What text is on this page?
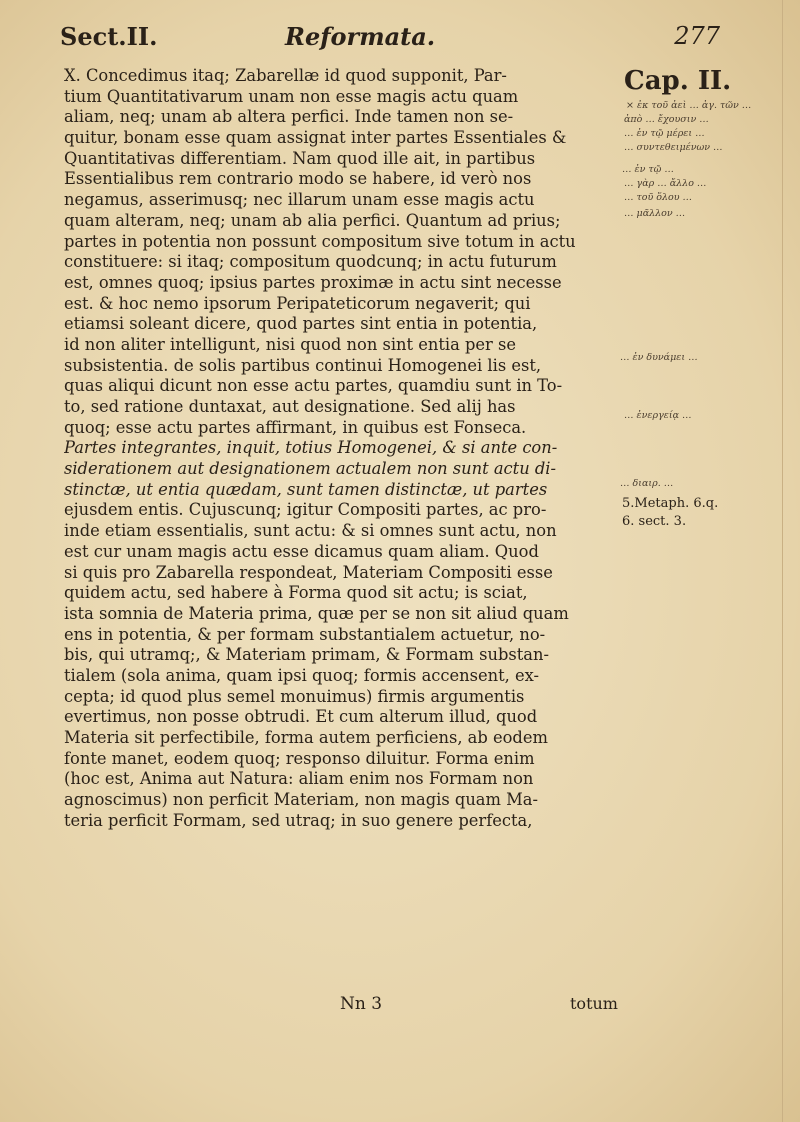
Sect.II.	Reformata.	277
X. Concedimus itaq; Zabarellæ id quod supponit, Par-
tium Quantitativarum unam non esse magis actu quam
aliam, neq; unam ab altera perfici. Inde tamen non se-
quitur, bonam esse quam assignat inter partes Essentiales &
Quantitativas differentiam. Nam quod ille ait, in partibus
Essentialibus rem contrario modo se habere, id verò nos
negamus, asserimusq; nec illarum unam esse magis actu
quam alteram, neq; unam ab alia perfici. Quantum ad prius;
partes in potentia non possunt compositum sive totum in actu
constituere: si itaq; compositum quodcunq; in actu futurum
est, omnes quoq; ipsius partes proximæ in actu sint necesse
est. & hoc nemo ipsorum Peripateticorum negaverit; qui
etiamsi soleant dicere, quod partes sint entia in potentia,
id non aliter intelligunt, nisi quod non sint entia per se
subsistentia. de solis partibus continui Homogenei lis est,
quas aliqui dicunt non esse actu partes, quamdiu sunt in To-
to, sed ratione duntaxat, aut designatione. Sed alij has
quoq; esse actu partes affirmant, in quibus est Fonseca.
Partes integrantes, inquit, totius Homogenei, & si ante con-
siderationem aut designationem actualem non sunt actu di-
stinctæ, ut entia quædam, sunt tamen distinctæ, ut partes
ejusdem entis. Cujuscunq; igitur Compositi partes, ac pro-
inde etiam essentialis, sunt actu: & si omnes sunt actu, non
est cur unam magis actu esse dicamus quam aliam. Quod
si quis pro Zabarella respondeat, Materiam Compositi esse
quidem actu, sed habere à Forma quod sit actu; is sciat,
ista somnia de Materia prima, quæ per se non sit aliud quam
ens in potentia, & per formam substantialem actuetur, no-
bis, qui utramq;, & Materiam primam, & Formam substan-
tialem (sola anima, quam ipsi quoq; formis accensent, ex-
cepta; id quod plus semel monuimus) firmis argumentis
evertimus, non posse obtrudi. Et cum alterum illud, quod
Materia sit perfectibile, forma autem perficiens, ab eodem
fonte manet, eodem quoq; responso diluitur. Forma enim
(hoc est, Anima aut Natura: aliam enim nos Formam non
agnoscimus) non perficit Materiam, non magis quam Ma-
teria perficit Formam, sed utraq; in suo genere perfecta,
Cap. II.
× ἐκ τοῦ ἀεὶ … ἁγ. τῶν …
ἀπὸ … ἔχουσιν …
… ἐν τῷ μέρει …
… συντεθειμένων …
… ἐν τῷ …
… γὰρ … ἄλλο …
… τοῦ ὅλου …
… μᾶλλον …
… ἐν δυνάμει …
… ἐνεργείᾳ …
… διαιρ. …
5.Metaph. 6.q.
6. sect. 3.
Nn 3	totum
